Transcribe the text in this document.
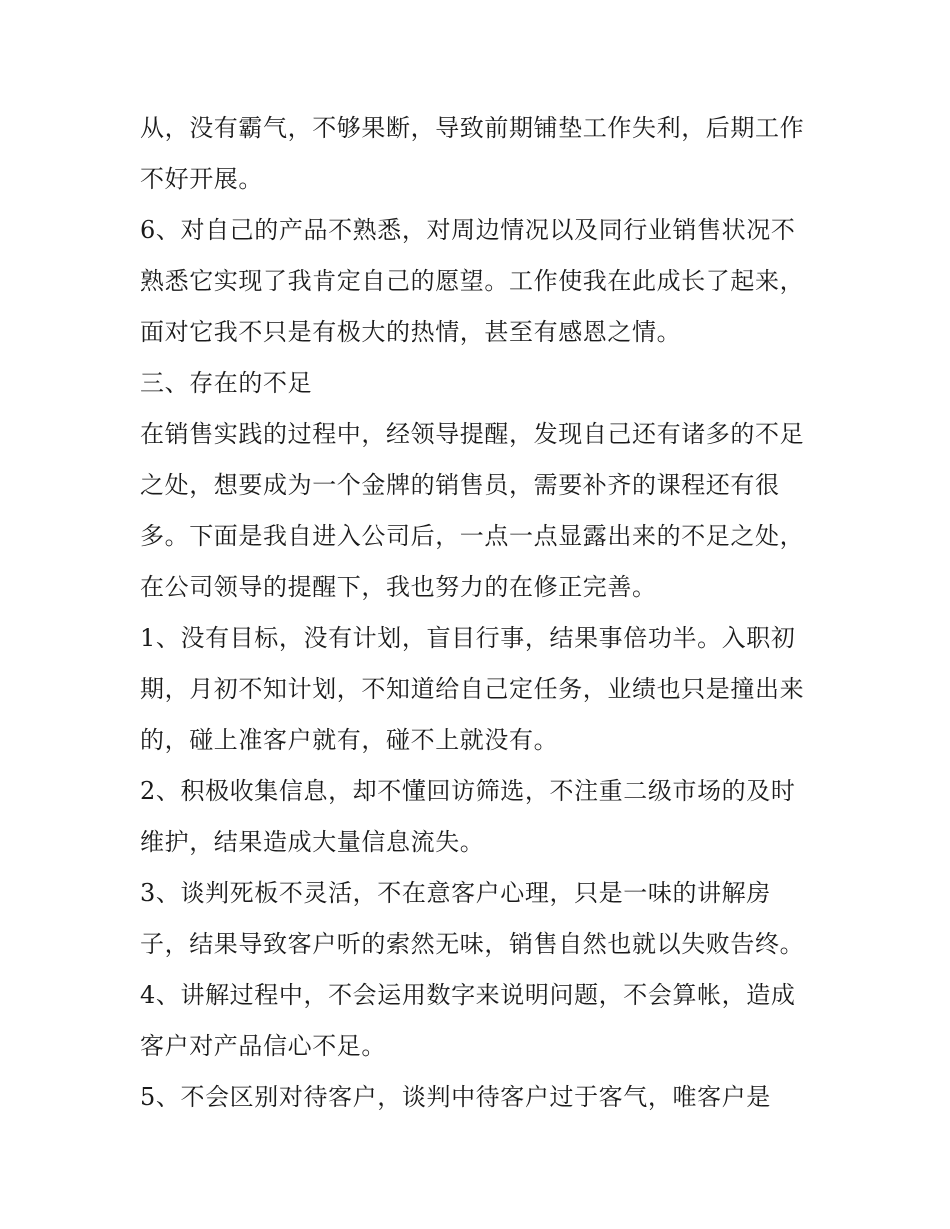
从，没有霸气，不够果断，导致前期铺垫工作失利，后期工作
不好开展。
6、对自己的产品不熟悉，对周边情况以及同行业销售状况不
熟悉它实现了我肯定自己的愿望。工作使我在此成长了起来，
面对它我不只是有极大的热情，甚至有感恩之情。
三、存在的不足
在销售实践的过程中，经领导提醒，发现自己还有诸多的不足
之处，想要成为一个金牌的销售员，需要补齐的课程还有很
多。下面是我自进入公司后，一点一点显露出来的不足之处，
在公司领导的提醒下，我也努力的在修正完善。
1、没有目标，没有计划，盲目行事，结果事倍功半。入职初
期，月初不知计划，不知道给自己定任务，业绩也只是撞出来
的，碰上准客户就有，碰不上就没有。
2、积极收集信息，却不懂回访筛选，不注重二级市场的及时
维护，结果造成大量信息流失。
3、谈判死板不灵活，不在意客户心理，只是一味的讲解房
子，结果导致客户听的索然无味，销售自然也就以失败告终。
4、讲解过程中，不会运用数字来说明问题，不会算帐，造成
客户对产品信心不足。
5、不会区别对待客户，谈判中待客户过于客气，唯客户是
